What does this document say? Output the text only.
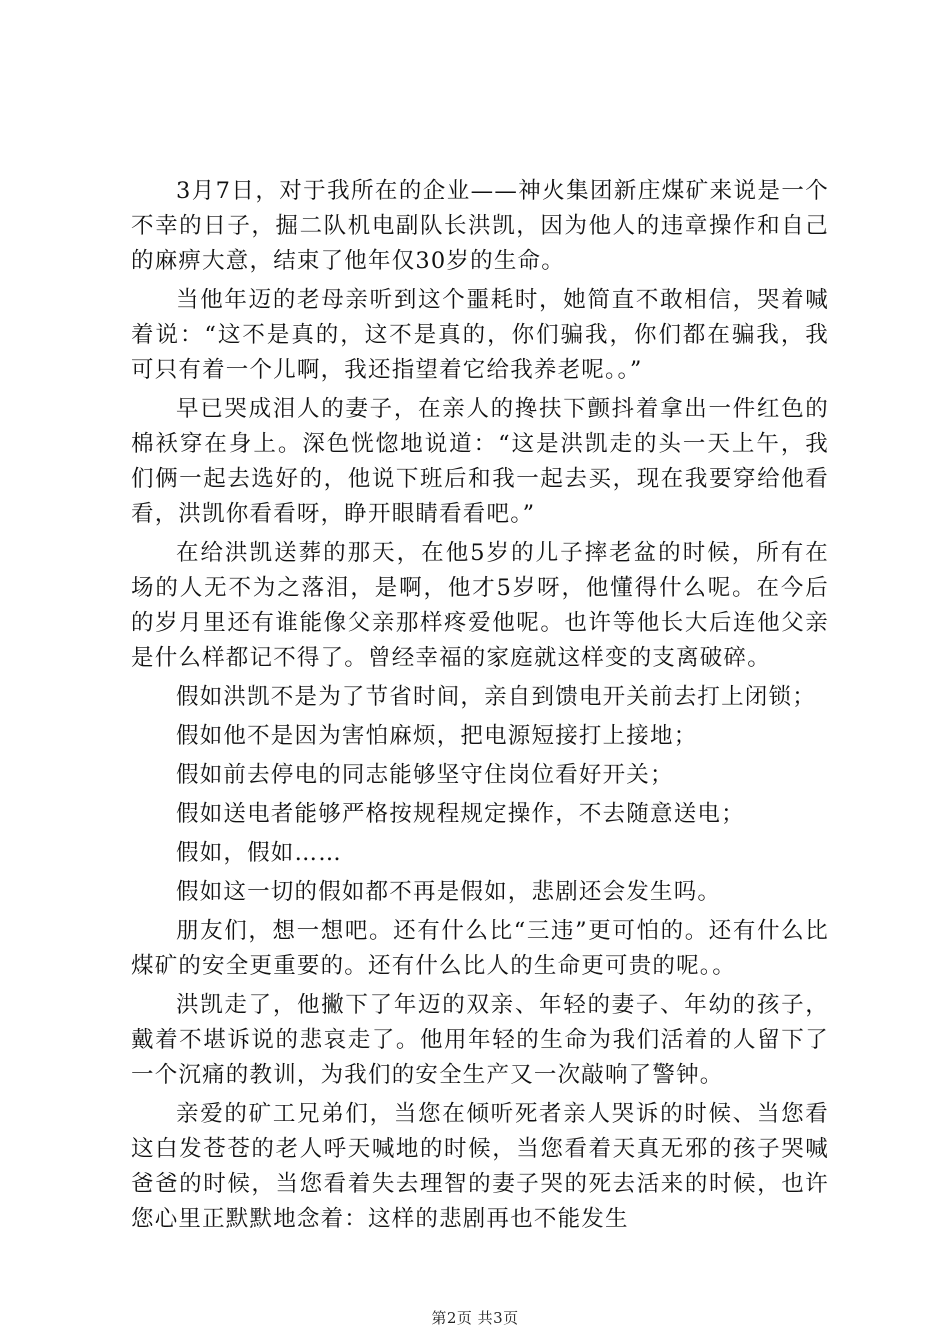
3月7日，对于我所在的企业——神火集团新庄煤矿来说是一个不幸的日子，掘二队机电副队长洪凯，因为他人的违章操作和自己的麻痹大意，结束了他年仅30岁的生命。

当他年迈的老母亲听到这个噩耗时，她简直不敢相信，哭着喊着说：“这不是真的，这不是真的，你们骗我，你们都在骗我，我可只有着一个儿啊，我还指望着它给我养老呢。。”

早已哭成泪人的妻子，在亲人的搀扶下颤抖着拿出一件红色的棉袄穿在身上。深色恍惚地说道：“这是洪凯走的头一天上午，我们俩一起去选好的，他说下班后和我一起去买，现在我要穿给他看看，洪凯你看看呀，睁开眼睛看看吧。”

在给洪凯送葬的那天，在他5岁的儿子摔老盆的时候，所有在场的人无不为之落泪，是啊，他才5岁呀，他懂得什么呢。在今后的岁月里还有谁能像父亲那样疼爱他呢。也许等他长大后连他父亲是什么样都记不得了。曾经幸福的家庭就这样变的支离破碎。

假如洪凯不是为了节省时间，亲自到馈电开关前去打上闭锁；

假如他不是因为害怕麻烦，把电源短接打上接地；

假如前去停电的同志能够坚守住岗位看好开关；

假如送电者能够严格按规程规定操作，不去随意送电；

假如，假如……

假如这一切的假如都不再是假如，悲剧还会发生吗。

朋友们，想一想吧。还有什么比“三违”更可怕的。还有什么比煤矿的安全更重要的。还有什么比人的生命更可贵的呢。。

洪凯走了，他撇下了年迈的双亲、年轻的妻子、年幼的孩子，戴着不堪诉说的悲哀走了。他用年轻的生命为我们活着的人留下了一个沉痛的教训，为我们的安全生产又一次敲响了警钟。

亲爱的矿工兄弟们，当您在倾听死者亲人哭诉的时候、当您看这白发苍苍的老人呼天喊地的时候，当您看着天真无邪的孩子哭喊爸爸的时候，当您看着失去理智的妻子哭的死去活来的时候，也许您心里正默默地念着：这样的悲剧再也不能发生

第2页 共3页
